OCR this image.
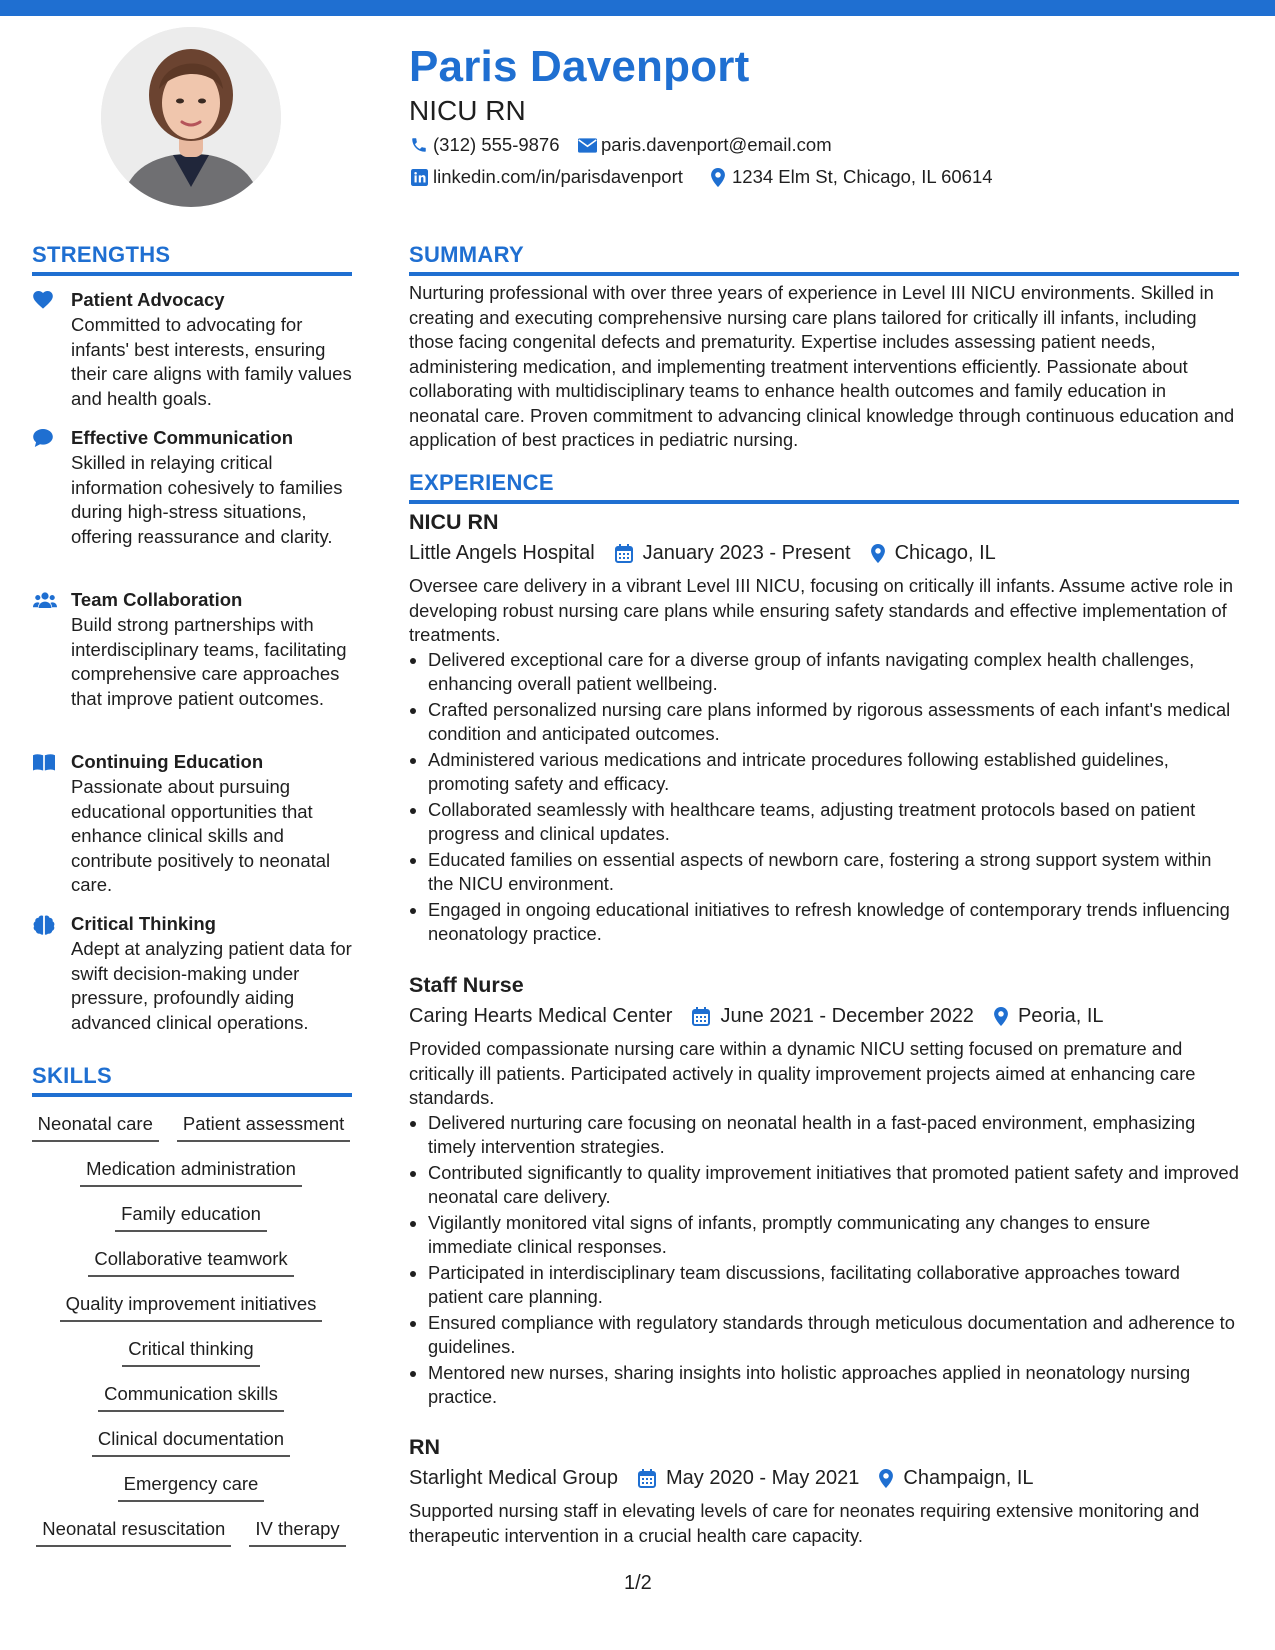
Paris Davenport
NICU RN
(312) 555-9876 paris.davenport@email.com
linkedin.com/in/parisdavenport	1234 Elm St, Chicago, IL 60614
STRENGTHS
Patient Advocacy
Committed to advocating for infants' best interests, ensuring their care aligns with family values and health goals.
Effective Communication
Skilled in relaying critical information cohesively to families during high-stress situations, offering reassurance and clarity.
Team Collaboration
Build strong partnerships with interdisciplinary teams, facilitating comprehensive care approaches that improve patient outcomes.
Continuing Education
Passionate about pursuing educational opportunities that enhance clinical skills and contribute positively to neonatal care.
Critical Thinking
Adept at analyzing patient data for swift decision-making under pressure, profoundly aiding advanced clinical operations.
SKILLS
Neonatal care	Patient assessment
Medication administration
Family education
Collaborative teamwork
Quality improvement initiatives
Critical thinking
Communication skills
Clinical documentation
Emergency care
Neonatal resuscitation	IV therapy
SUMMARY
Nurturing professional with over three years of experience in Level III NICU environments. Skilled in creating and executing comprehensive nursing care plans tailored for critically ill infants, including those facing congenital defects and prematurity. Expertise includes assessing patient needs, administering medication, and implementing treatment interventions efficiently. Passionate about collaborating with multidisciplinary teams to enhance health outcomes and family education in neonatal care. Proven commitment to advancing clinical knowledge through continuous education and application of best practices in pediatric nursing.
EXPERIENCE
NICU RN
Little Angels Hospital January 2023 - Present Chicago, IL
Oversee care delivery in a vibrant Level III NICU, focusing on critically ill infants. Assume active role in developing robust nursing care plans while ensuring safety standards and effective implementation of treatments.
• Delivered exceptional care for a diverse group of infants navigating complex health challenges, enhancing overall patient wellbeing.
• Crafted personalized nursing care plans informed by rigorous assessments of each infant's medical condition and anticipated outcomes.
• Administered various medications and intricate procedures following established guidelines, promoting safety and efficacy.
• Collaborated seamlessly with healthcare teams, adjusting treatment protocols based on patient progress and clinical updates.
• Educated families on essential aspects of newborn care, fostering a strong support system within the NICU environment.
• Engaged in ongoing educational initiatives to refresh knowledge of contemporary trends influencing neonatology practice.
Staff Nurse
Caring Hearts Medical Center June 2021 - December 2022 Peoria, IL
Provided compassionate nursing care within a dynamic NICU setting focused on premature and critically ill patients. Participated actively in quality improvement projects aimed at enhancing care standards.
• Delivered nurturing care focusing on neonatal health in a fast-paced environment, emphasizing timely intervention strategies.
• Contributed significantly to quality improvement initiatives that promoted patient safety and improved neonatal care delivery.
• Vigilantly monitored vital signs of infants, promptly communicating any changes to ensure immediate clinical responses.
• Participated in interdisciplinary team discussions, facilitating collaborative approaches toward patient care planning.
• Ensured compliance with regulatory standards through meticulous documentation and adherence to guidelines.
• Mentored new nurses, sharing insights into holistic approaches applied in neonatology nursing practice.
RN
Starlight Medical Group May 2020 - May 2021 Champaign, IL
Supported nursing staff in elevating levels of care for neonates requiring extensive monitoring and therapeutic intervention in a crucial health care capacity.
1/2
